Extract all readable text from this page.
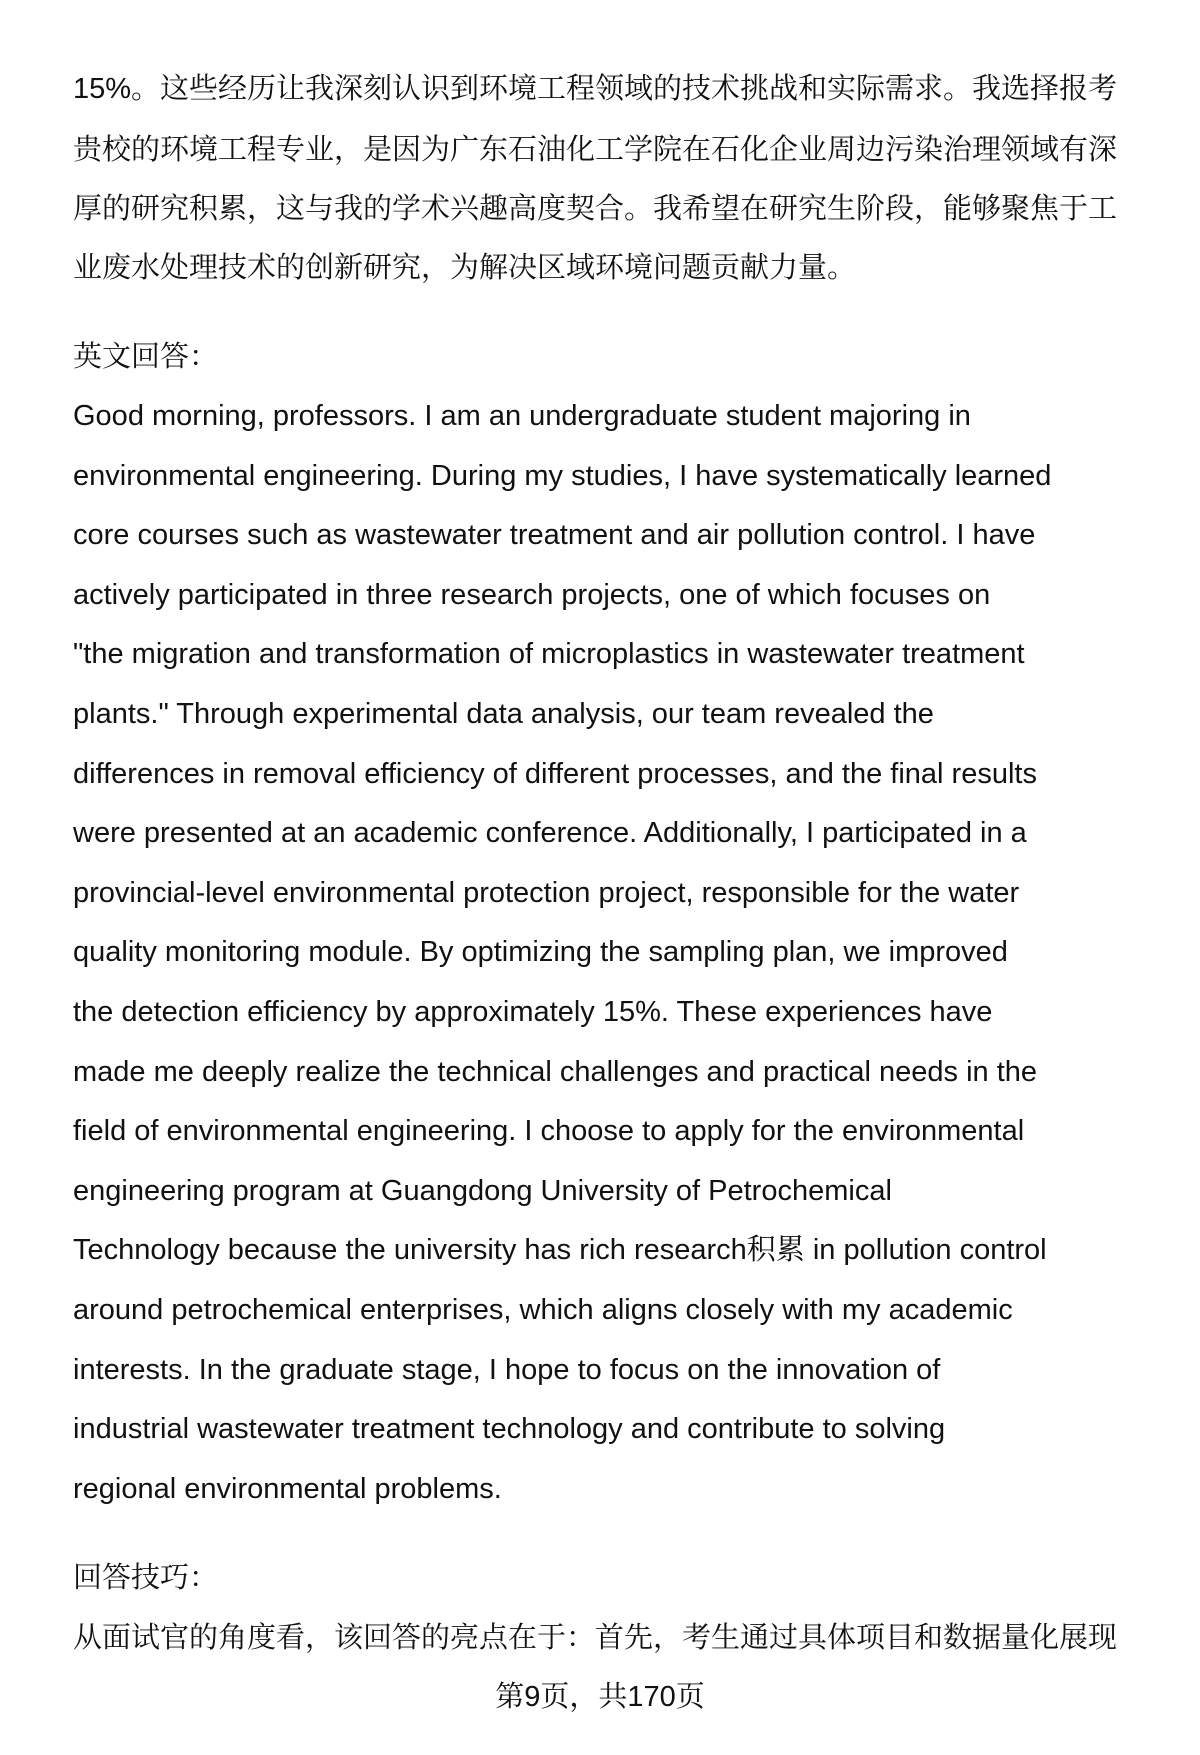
15%。这些经历让我深刻认识到环境工程领域的技术挑战和实际需求。我选择报考
贵校的环境工程专业，是因为广东石油化工学院在石化企业周边污染治理领域有深
厚的研究积累，这与我的学术兴趣高度契合。我希望在研究生阶段，能够聚焦于工
业废水处理技术的创新研究，为解决区域环境问题贡献力量。
英文回答：
Good morning, professors. I am an undergraduate student majoring in
environmental engineering. During my studies, I have systematically learned
core courses such as wastewater treatment and air pollution control. I have
actively participated in three research projects, one of which focuses on
"the migration and transformation of microplastics in wastewater treatment
plants." Through experimental data analysis, our team revealed the
differences in removal efficiency of different processes, and the final results
were presented at an academic conference. Additionally, I participated in a
provincial-level environmental protection project, responsible for the water
quality monitoring module. By optimizing the sampling plan, we improved
the detection efficiency by approximately 15%. These experiences have
made me deeply realize the technical challenges and practical needs in the
field of environmental engineering. I choose to apply for the environmental
engineering program at Guangdong University of Petrochemical
Technology because the university has rich research积累 in pollution control
around petrochemical enterprises, which aligns closely with my academic
interests. In the graduate stage, I hope to focus on the innovation of
industrial wastewater treatment technology and contribute to solving
regional environmental problems.
回答技巧：
从面试官的角度看，该回答的亮点在于：首先，考生通过具体项目和数据量化展现
第9页，共170页
